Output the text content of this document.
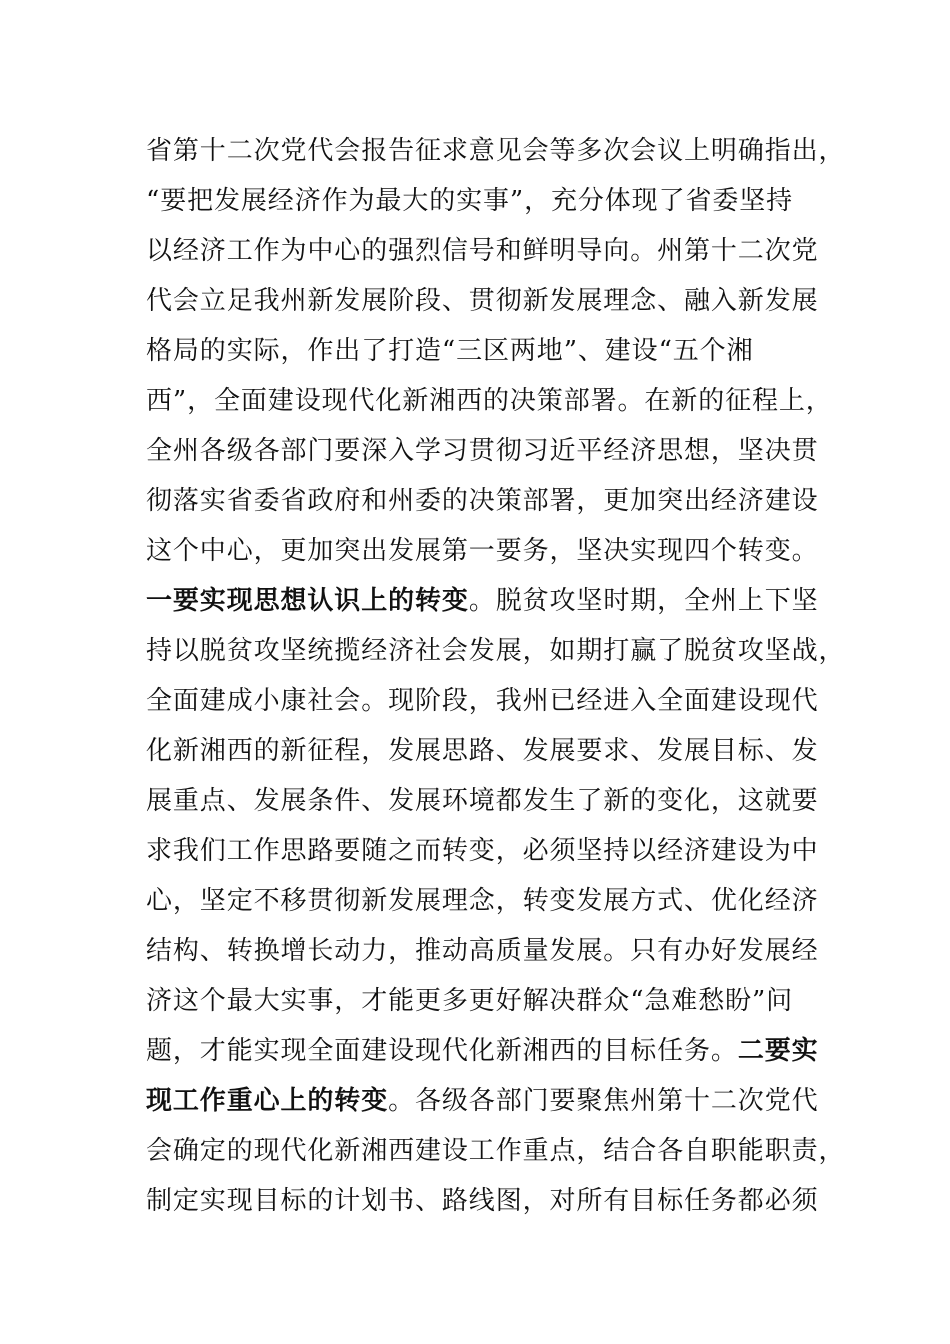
省第十二次党代会报告征求意见会等多次会议上明确指出，
“要把发展经济作为最大的实事”，充分体现了省委坚持
以经济工作为中心的强烈信号和鲜明导向。州第十二次党
代会立足我州新发展阶段、贯彻新发展理念、融入新发展
格局的实际，作出了打造“三区两地”、建设“五个湘
西”，全面建设现代化新湘西的决策部署。在新的征程上，
全州各级各部门要深入学习贯彻习近平经济思想，坚决贯
彻落实省委省政府和州委的决策部署，更加突出经济建设
这个中心，更加突出发展第一要务，坚决实现四个转变。
一要实现思想认识上的转变。脱贫攻坚时期，全州上下坚
持以脱贫攻坚统揽经济社会发展，如期打赢了脱贫攻坚战，
全面建成小康社会。现阶段，我州已经进入全面建设现代
化新湘西的新征程，发展思路、发展要求、发展目标、发
展重点、发展条件、发展环境都发生了新的变化，这就要
求我们工作思路要随之而转变，必须坚持以经济建设为中
心，坚定不移贯彻新发展理念，转变发展方式、优化经济
结构、转换增长动力，推动高质量发展。只有办好发展经
济这个最大实事，才能更多更好解决群众“急难愁盼”问
题，才能实现全面建设现代化新湘西的目标任务。二要实
现工作重心上的转变。各级各部门要聚焦州第十二次党代
会确定的现代化新湘西建设工作重点，结合各自职能职责，
制定实现目标的计划书、路线图，对所有目标任务都必须
